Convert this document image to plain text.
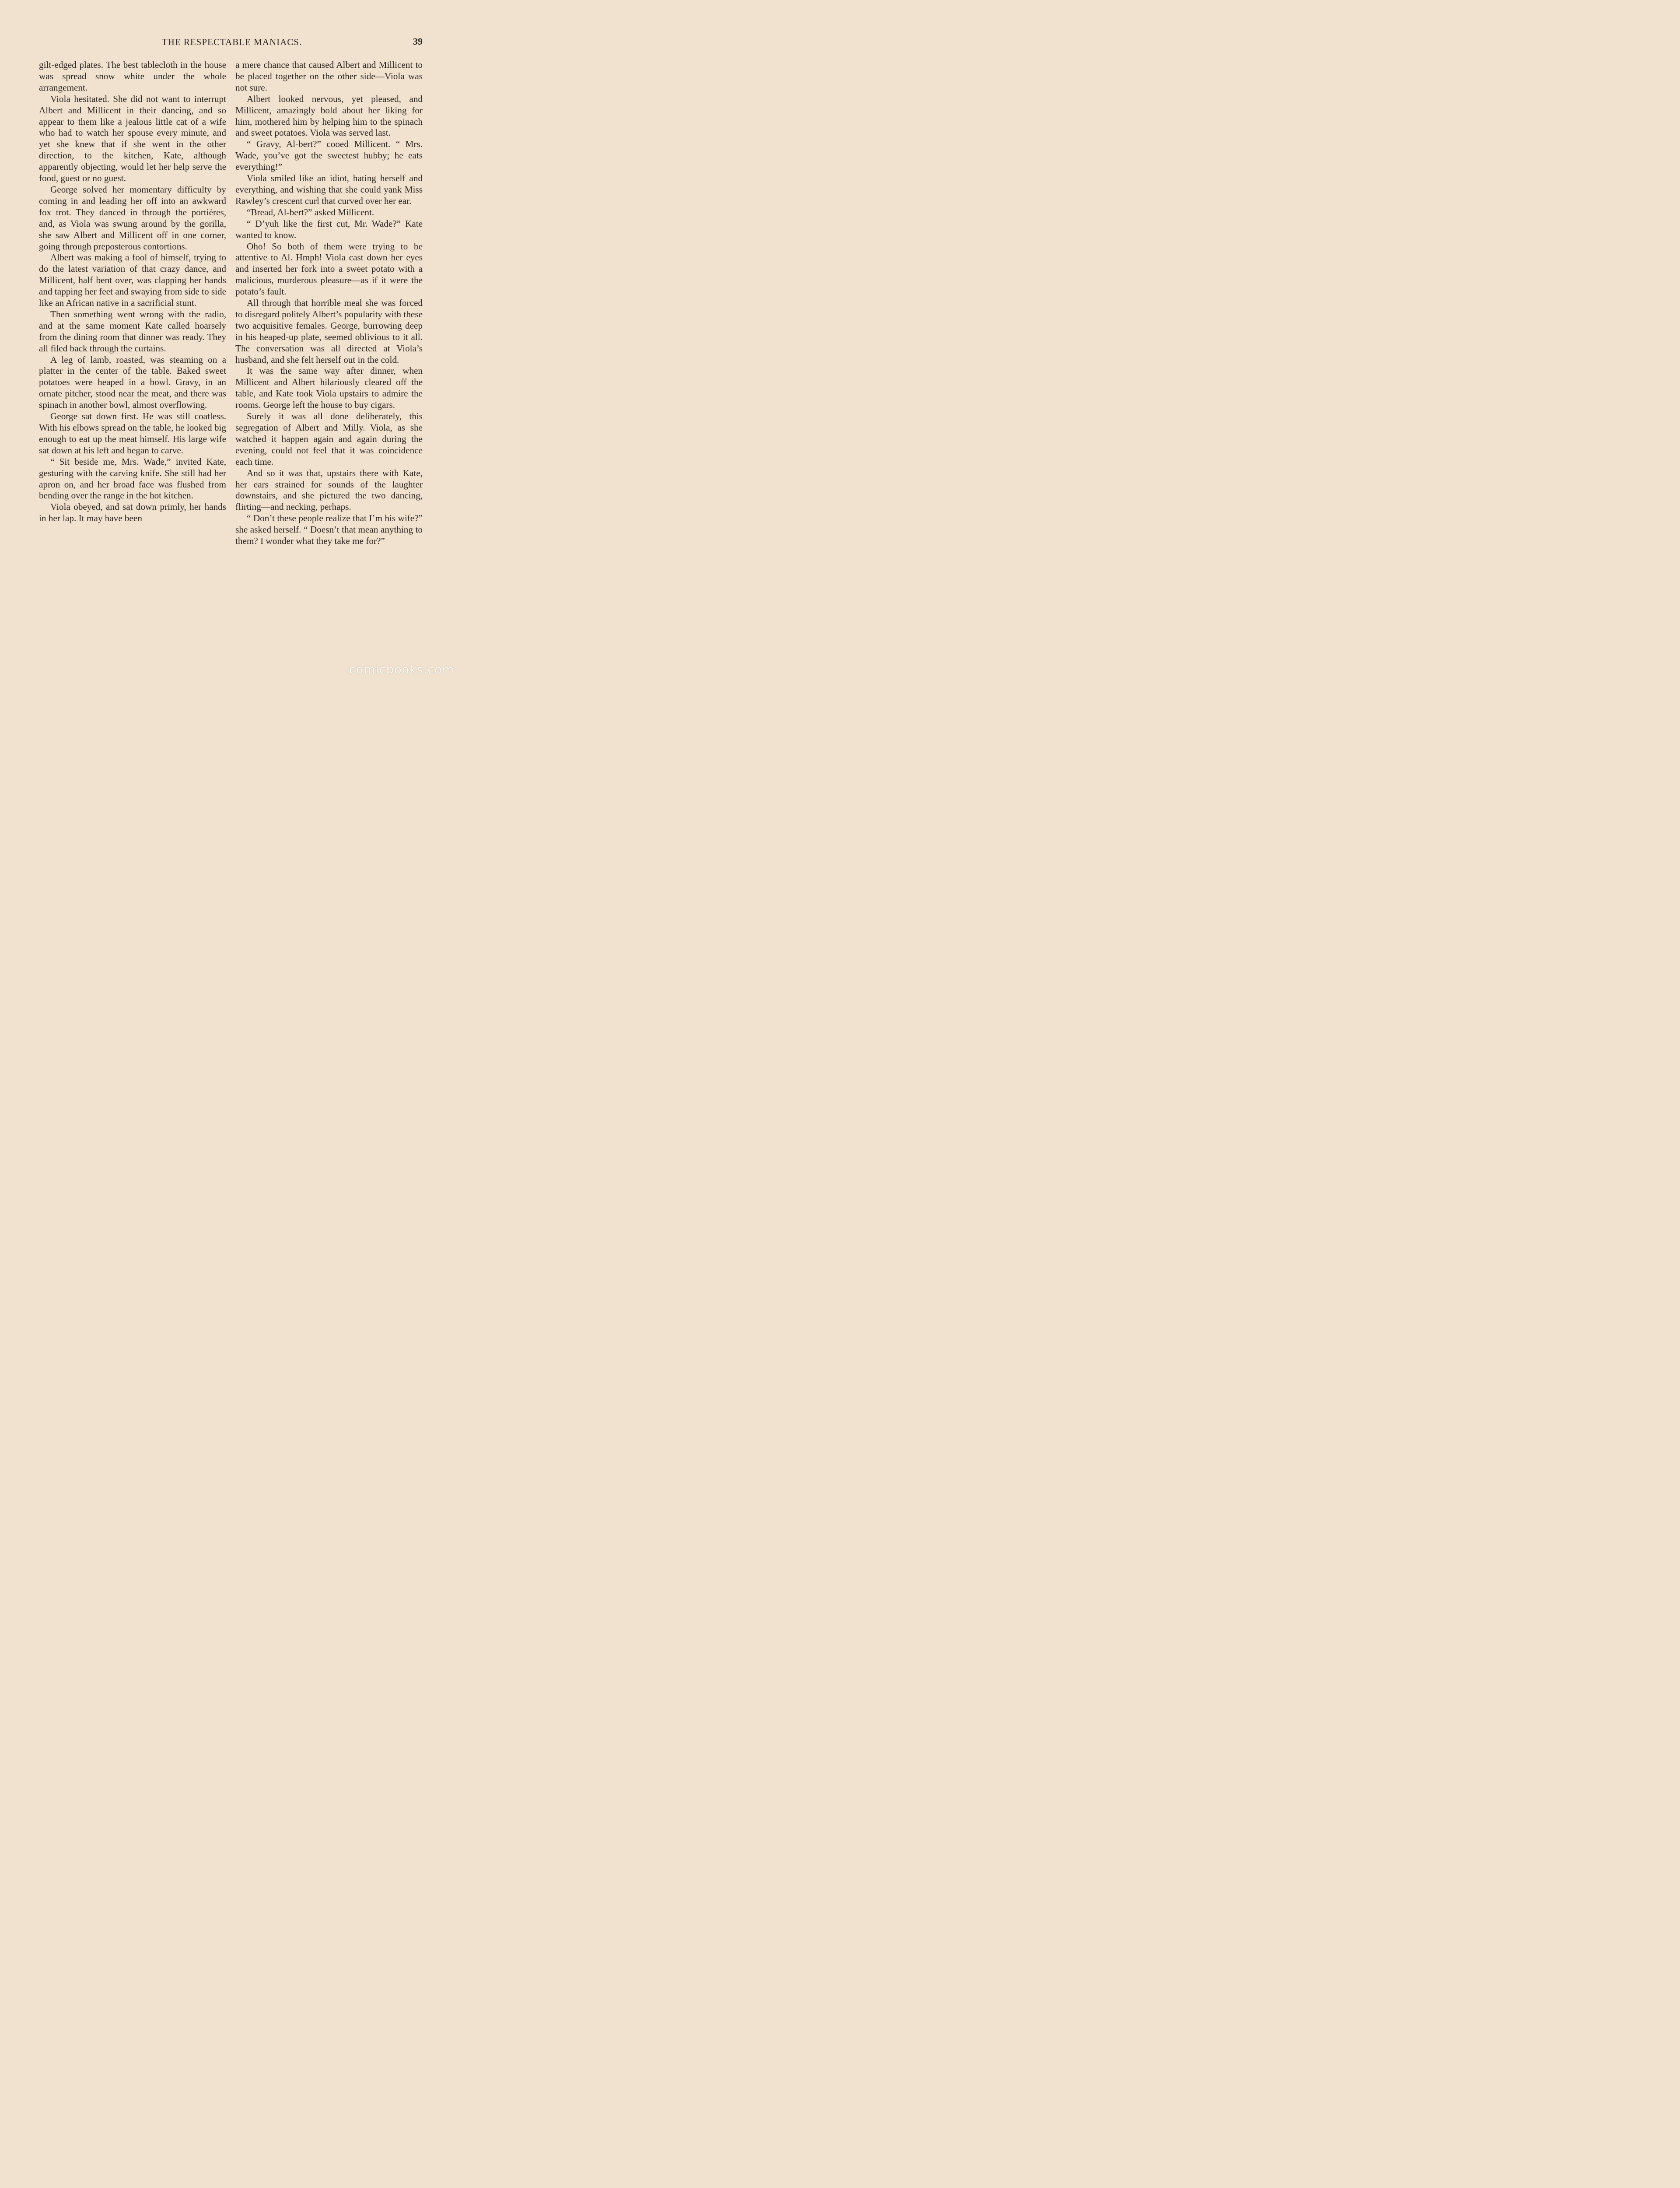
THE RESPECTABLE MANIACS.	39

gilt-edged plates. The best tablecloth in the house was spread snow white under the whole arrangement.

Viola hesitated. She did not want to interrupt Albert and Millicent in their dancing, and so appear to them like a jealous little cat of a wife who had to watch her spouse every minute, and yet she knew that if she went in the other direction, to the kitchen, Kate, although apparently objecting, would let her help serve the food, guest or no guest.

George solved her momentary difficulty by coming in and leading her off into an awkward fox trot. They danced in through the portières, and, as Viola was swung around by the gorilla, she saw Albert and Millicent off in one corner, going through preposterous contortions.

Albert was making a fool of himself, trying to do the latest variation of that crazy dance, and Millicent, half bent over, was clapping her hands and tapping her feet and swaying from side to side like an African native in a sacrificial stunt.

Then something went wrong with the radio, and at the same moment Kate called hoarsely from the dining room that dinner was ready. They all filed back through the curtains.

A leg of lamb, roasted, was steaming on a platter in the center of the table. Baked sweet potatoes were heaped in a bowl. Gravy, in an ornate pitcher, stood near the meat, and there was spinach in another bowl, almost overflowing.

George sat down first. He was still coatless. With his elbows spread on the table, he looked big enough to eat up the meat himself. His large wife sat down at his left and began to carve.

“ Sit beside me, Mrs. Wade,” invited Kate, gesturing with the carving knife. She still had her apron on, and her broad face was flushed from bending over the range in the hot kitchen.

Viola obeyed, and sat down primly, her hands in her lap. It may have been

a mere chance that caused Albert and Millicent to be placed together on the other side—Viola was not sure.

Albert looked nervous, yet pleased, and Millicent, amazingly bold about her liking for him, mothered him by helping him to the spinach and sweet potatoes. Viola was served last.

“ Gravy, Al-bert?” cooed Millicent. “ Mrs. Wade, you’ve got the sweetest hubby; he eats everything!”

Viola smiled like an idiot, hating herself and everything, and wishing that she could yank Miss Rawley’s crescent curl that curved over her ear.

“Bread, Al-bert?” asked Millicent.

“ D’yuh like the first cut, Mr. Wade?” Kate wanted to know.

Oho! So both of them were trying to be attentive to Al. Hmph! Viola cast down her eyes and inserted her fork into a sweet potato with a malicious, murderous pleasure—as if it were the potato’s fault.

All through that horrible meal she was forced to disregard politely Albert’s popularity with these two acquisitive females. George, burrowing deep in his heaped-up plate, seemed oblivious to it all. The conversation was all directed at Viola’s husband, and she felt herself out in the cold.

It was the same way after dinner, when Millicent and Albert hilariously cleared off the table, and Kate took Viola upstairs to admire the rooms. George left the house to buy cigars.

Surely it was all done deliberately, this segregation of Albert and Milly. Viola, as she watched it happen again and again during the evening, could not feel that it was coincidence each time.

And so it was that, upstairs there with Kate, her ears strained for sounds of the laughter downstairs, and she pictured the two dancing, flirting—and necking, perhaps.

“ Don’t these people realize that I’m his wife?” she asked herself. “ Doesn’t that mean anything to them? I wonder what they take me for?”

comicbooks.com
